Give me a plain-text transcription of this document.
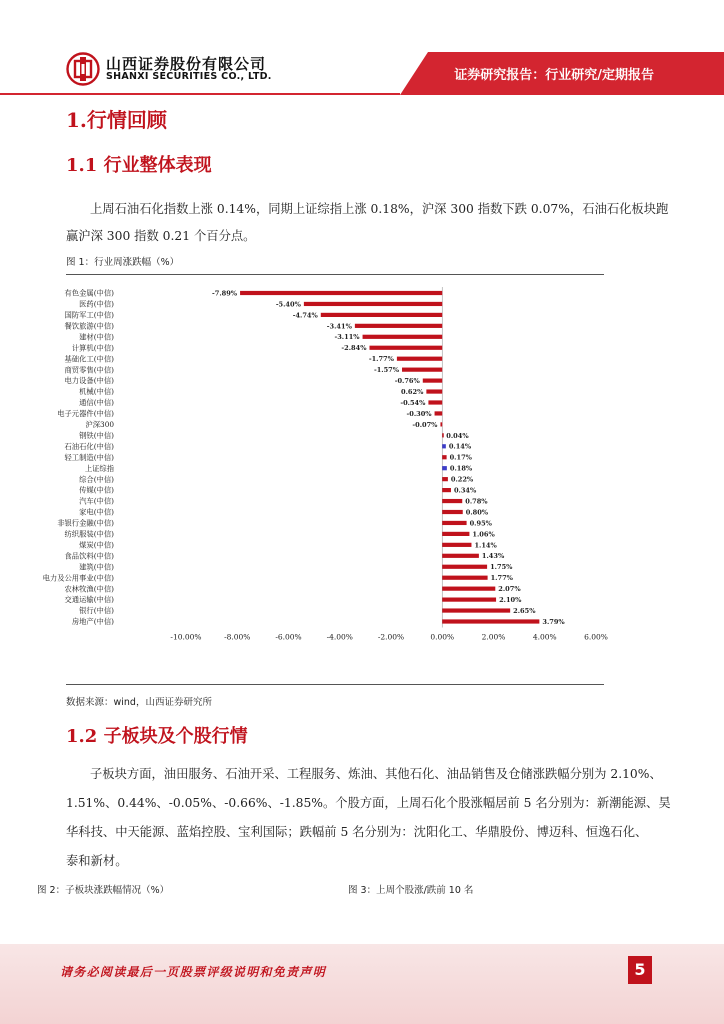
山西证券股份有限公司
SHANXI SECURITIES CO., LTD.	证券研究报告：行业研究/定期报告
1.行情回顾
1.1 行业整体表现

上周石油石化指数上涨 0.14%，同期上证综指上涨 0.18%，沪深 300 指数下跌 0.07%，石油石化板块跑

赢沪深 300 指数 0.21 个百分点。

图 1：行业周涨跌幅（%）
有色金属(中信)	-7.89%
医药(中信)	-5.40%
国防军工(中信)	-4.74%
餐饮旅游(中信)	-3.41%
建材(中信)	-3.11%
计算机(中信)	-2.84%
基础化工(中信)	-1.77%
商贸零售(中信)	-1.57%
电力设备(中信)	-0.76%
机械(中信)	0.62%
通信(中信)	-0.54%
电子元器件(中信)	-0.30%
沪深300	-0.07%
钢铁(中信)	0.04%
石油石化(中信)	0.14%
轻工制造(中信)	0.17%
上证综指	0.18%
综合(中信)	0.22%
传媒(中信)	0.34%
汽车(中信)	0.78%
家电(中信)	0.80%
非银行金融(中信)	0.95%
纺织服装(中信)	1.06%
煤炭(中信)	1.14%
食品饮料(中信)	1.43%
建筑(中信)	1.75%
电力及公用事业(中信)	1.77%
农林牧渔(中信)	2.07%
交通运输(中信)	2.10%
银行(中信)	2.65%
房地产(中信)	3.79%
-10.00%	-8.00%	-6.00%	-4.00%	-2.00%	0.00%	2.00%	4.00%	6.00%
数据来源：wind，山西证券研究所
1.2 子板块及个股行情

子板块方面，油田服务、石油开采、工程服务、炼油、其他石化、油品销售及仓储涨跌幅分别为 2.10%、

1.51%、0.44%、-0.05%、-0.66%、-1.85%。个股方面，上周石化个股涨幅居前 5 名分别为：新潮能源、昊

华科技、中天能源、蓝焰控股、宝利国际；跌幅前 5 名分别为：沈阳化工、华鼎股份、博迈科、恒逸石化、

泰和新材。

图 2：子板块涨跌幅情况（%）	图 3：上周个股涨/跌前 10 名
请务必阅读最后一页股票评级说明和免责声明	5
